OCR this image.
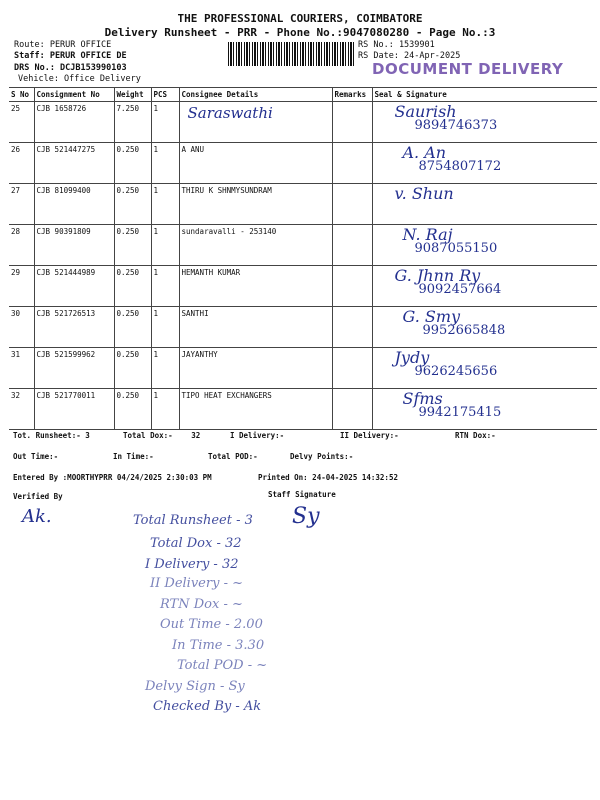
THE PROFESSIONAL COURIERS, COIMBATORE
Delivery Runsheet - PRR - Phone No.:9047080280 - Page No.:3
Route: PERUR OFFICE
Staff: PERUR OFFICE DE
DRS No.: DCJB153990103
Vehicle: Office Delivery
RS No.: 1539901
RS Date: 24-Apr-2025
DOCUMENT DELIVERY
S No	Consignment No	Weight	PCS	Consignee Details	Remarks	Seal & Signature
25	CJB 1658726	7.250	1	Saraswathi		Saurish
9894746373

26	CJB 521447275	0.250	1	A ANU		A. An
8754807172

27	CJB 81099400	0.250	1	THIRU K SHNMYSUNDRAM		v. Shun

28	CJB 90391809	0.250	1	sundaravalli - 253140		N. Raj
9087055150

29	CJB 521444989	0.250	1	HEMANTH KUMAR		G. Jhnn Ry
9092457664

30	CJB 521726513	0.250	1	SANTHI		G. Smy
9952665848

31	CJB 521599962	0.250	1	JAYANTHY		Jydy
9626245656

32	CJB 521770011	0.250	1	TIPO HEAT EXCHANGERS		Sfms
9942175415
Tot. Runsheet:- 3	Total Dox:- 32	I Delivery:-	II Delivery:-	RTN Dox:-
Out Time:-	In Time:-	Total POD:-	Delvy Points:-
Entered By :MOORTHYPRR 04/24/2025 2:30:03 PM	Printed On: 24-04-2025 14:32:52
Verified By	Staff Signature
Ak.	Sy
Total Runsheet - 3
Total Dox - 32
I Delivery - 32
II Delivery - ~
RTN Dox - ~
Out Time - 2.00
In Time - 3.30
Total POD - ~
Delvy Sign - Sy
Checked By - Ak
